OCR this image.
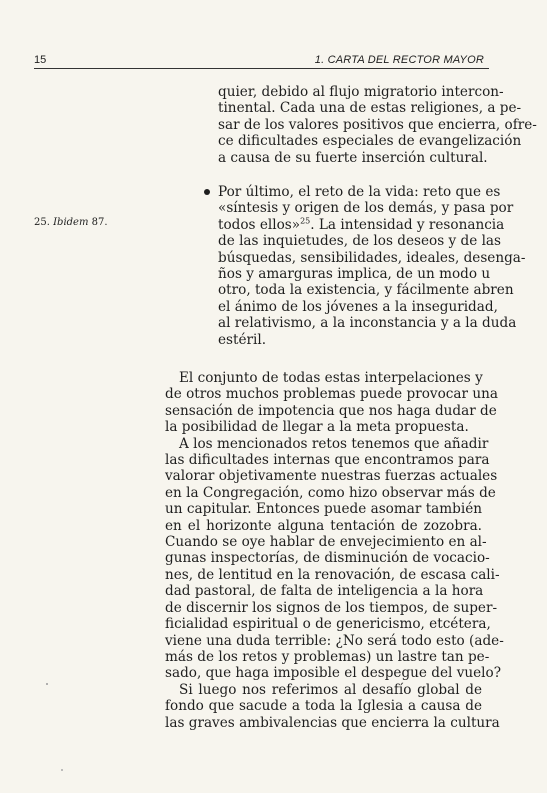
15	1. CARTA DEL RECTOR MAYOR
25. Ibidem 87.
quier, debido al flujo migratorio intercon-
tinental. Cada una de estas religiones, a pe-
sar de los valores positivos que encierra, ofre-
ce dificultades especiales de evangelización
a causa de su fuerte inserción cultural.
Por último, el reto de la vida: reto que es
«síntesis y origen de los demás, y pasa por
todos ellos»$^{25}$. La intensidad y resonancia
de las inquietudes, de los deseos y de las
búsquedas, sensibilidades, ideales, desenga-
ños y amarguras implica, de un modo u
otro, toda la existencia, y fácilmente abren
el ánimo de los jóvenes a la inseguridad,
al relativismo, a la inconstancia y a la duda
estéril.
El conjunto de todas estas interpelaciones y
de otros muchos problemas puede provocar una
sensación de impotencia que nos haga dudar de
la posibilidad de llegar a la meta propuesta.
A los mencionados retos tenemos que añadir
las dificultades internas que encontramos para
valorar objetivamente nuestras fuerzas actuales
en la Congregación, como hizo observar más de
un capitular. Entonces puede asomar también
en el horizonte alguna tentación de zozobra.
Cuando se oye hablar de envejecimiento en al-
gunas inspectorías, de disminución de vocacio-
nes, de lentitud en la renovación, de escasa cali-
dad pastoral, de falta de inteligencia a la hora
de discernir los signos de los tiempos, de super-
ficialidad espiritual o de genericismo, etcétera,
viene una duda terrible: ¿No será todo esto (ade-
más de los retos y problemas) un lastre tan pe-
sado, que haga imposible el despegue del vuelo?
Si luego nos referimos al desafío global de
fondo que sacude a toda la Iglesia a causa de
las graves ambivalencias que encierra la cultura
